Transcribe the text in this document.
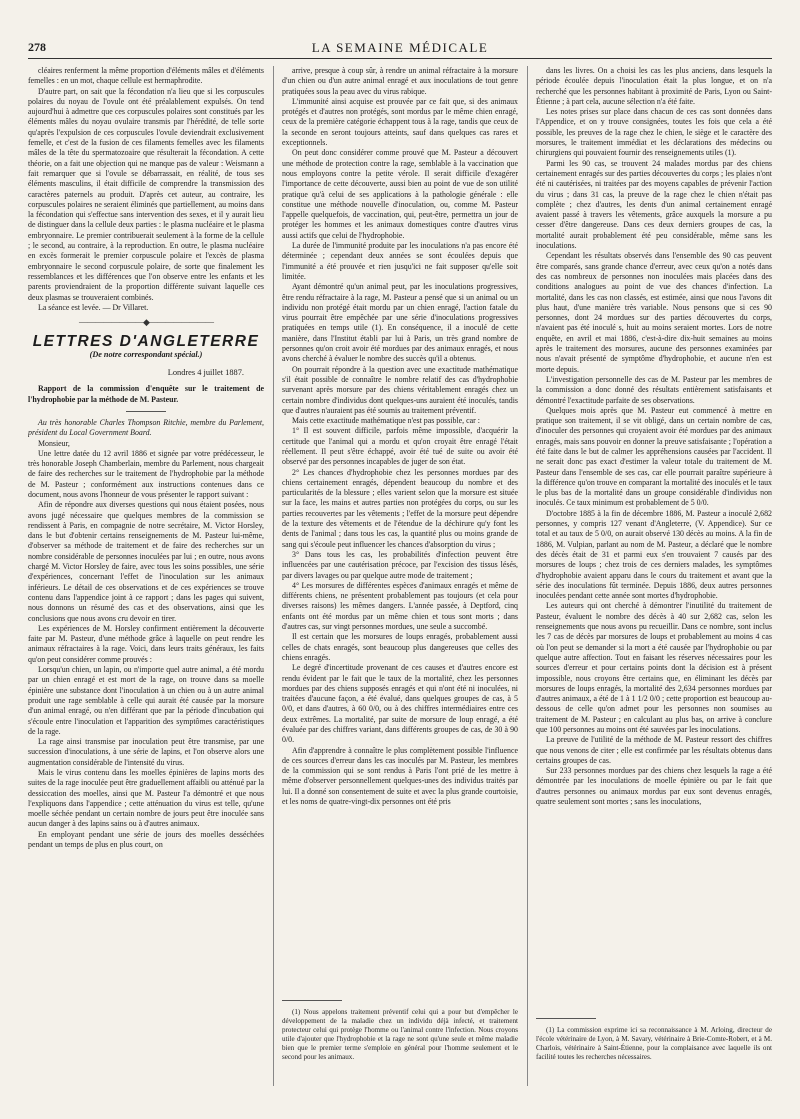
278	LA SEMAINE MÉDICALE

cléaires renferment la même proportion d'éléments mâles et d'éléments femelles : en un mot, chaque cellule est hermaphrodite.

D'autre part, on sait que la fécondation n'a lieu que si les corpuscules polaires du noyau de l'ovule ont été préalablement expulsés. On tend aujourd'hui à admettre que ces corpuscules polaires sont constitués par les éléments mâles du noyau ovulaire transmis par l'hérédité, de telle sorte qu'après l'expulsion de ces corpuscules l'ovule deviendrait exclusivement femelle, et c'est de la fusion de ces filaments femelles avec les filaments mâles de la tête du spermatozoaire que résulterait la fécondation. A cette théorie, on a fait une objection qui ne manque pas de valeur : Weismann a fait remarquer que si l'ovule se débarrassait, en réalité, de tous ses éléments masculins, il était difficile de comprendre la transmission des caractères paternels au produit. D'après cet auteur, au contraire, les corpuscules polaires ne seraient éliminés que partiellement, au moins dans la fécondation qui s'effectue sans intervention des sexes, et il y aurait lieu de distinguer dans la cellule deux parties : le plasma nucléaire et le plasma embryonnaire. Le premier contribuerait seulement à la forme de la cellule ; le second, au contraire, à la reproduction. En outre, le plasma nucléaire en excès formerait le premier corpuscule polaire et l'excès de plasma embryonnaire le second corpuscule polaire, de sorte que finalement les ressemblances et les différences que l'on observe entre les enfants et les parents proviendraient de la proportion différente suivant laquelle ces deux plasmas se trouveraient combinés.

La séance est levée. — Dr Villaret.

————————◆————————
LETTRES D'ANGLETERRE
(De notre correspondant spécial.)
Londres 4 juillet 1887.

Rapport de la commission d'enquête sur le traitement de l'hydrophobie par la méthode de M. Pasteur.

Au très honorable Charles Thompson Ritchie, membre du Parlement, président du Local Government Board.

Monsieur,

Une lettre datée du 12 avril 1886 et signée par votre prédécesseur, le très honorable Joseph Chamberlain, membre du Parlement, nous chargeait de faire des recherches sur le traitement de l'hydrophobie par la méthode de M. Pasteur ; conformément aux instructions contenues dans ce document, nous avons l'honneur de vous présenter le rapport suivant :

Afin de répondre aux diverses questions qui nous étaient posées, nous avons jugé nécessaire que quelques membres de la commission se rendissent à Paris, en compagnie de notre secrétaire, M. Victor Horsley, dans le but d'obtenir certains renseignements de M. Pasteur lui-même, d'observer sa méthode de traitement et de faire des recherches sur un nombre considérable de personnes inoculées par lui ; en outre, nous avons chargé M. Victor Horsley de faire, avec tous les soins possibles, une série d'expériences, concernant l'effet de l'inoculation sur les animaux inférieurs. Le détail de ces observations et de ces expériences se trouve contenu dans l'appendice joint à ce rapport ; dans les pages qui suivent, nous donnons un résumé des cas et des observations, ainsi que les conclusions que nous avons cru devoir en tirer.

Les expériences de M. Horsley confirment entièrement la découverte faite par M. Pasteur, d'une méthode grâce à laquelle on peut rendre les animaux réfractaires à la rage. Voici, dans leurs traits généraux, les faits qu'on peut considérer comme prouvés :

Lorsqu'un chien, un lapin, ou n'importe quel autre animal, a été mordu par un chien enragé et est mort de la rage, on trouve dans sa moelle épinière une substance dont l'inoculation à un chien ou à un autre animal produit une rage semblable à celle qui aurait été causée par la morsure d'un animal enragé, ou n'en différant que par la période d'incubation qui s'écoule entre l'inoculation et l'apparition des symptômes caractéristiques de la rage.

La rage ainsi transmise par inoculation peut être transmise, par une succession d'inoculations, à une série de lapins, et l'on observe alors une augmentation considérable de l'intensité du virus.

Mais le virus contenu dans les moelles épinières de lapins morts des suites de la rage inoculée peut être graduellement affaibli ou atténué par la dessiccation des moelles, ainsi que M. Pasteur l'a démontré et que nous l'expliquons dans l'appendice ; cette atténuation du virus est telle, qu'une moelle séchée pendant un certain nombre de jours peut être inoculée sans aucun danger à des lapins sains ou à d'autres animaux.

En employant pendant une série de jours des moelles desséchées pendant un temps de plus en plus court, on

arrive, presque à coup sûr, à rendre un animal réfractaire à la morsure d'un chien ou d'un autre animal enragé et aux inoculations de tout genre pratiquées sous la peau avec du virus rabique.

L'immunité ainsi acquise est prouvée par ce fait que, si des animaux protégés et d'autres non protégés, sont mordus par le même chien enragé, ceux de la première catégorie échappent tous à la rage, tandis que ceux de la seconde en seront toujours atteints, sauf dans quelques cas rares et exceptionnels.

On peut donc considérer comme prouvé que M. Pasteur a découvert une méthode de protection contre la rage, semblable à la vaccination que nous employons contre la petite vérole. Il serait difficile d'exagérer l'importance de cette découverte, aussi bien au point de vue de son utilité pratique qu'à celui de ses applications à la pathologie générale : elle constitue une méthode nouvelle d'inoculation, ou, comme M. Pasteur l'appelle quelquefois, de vaccination, qui, peut-être, permettra un jour de protéger les hommes et les animaux domestiques contre d'autres virus aussi actifs que celui de l'hydrophobie.

La durée de l'immunité produite par les inoculations n'a pas encore été déterminée ; cependant deux années se sont écoulées depuis que l'immunité a été prouvée et rien jusqu'ici ne fait supposer qu'elle soit limitée.

Ayant démontré qu'un animal peut, par les inoculations progressives, être rendu réfractaire à la rage, M. Pasteur a pensé que si un animal ou un individu non protégé était mordu par un chien enragé, l'action fatale du virus pourrait être empêchée par une série d'inoculations progressives pratiquées en temps utile (1). En conséquence, il a inoculé de cette manière, dans l'Institut établi par lui à Paris, un très grand nombre de personnes qu'on croit avoir été mordues par des animaux enragés, et nous avons cherché à évaluer le nombre des succès qu'il a obtenus.

On pourrait répondre à la question avec une exactitude mathématique s'il était possible de connaître le nombre relatif des cas d'hydrophobie survenant après morsure par des chiens véritablement enragés chez un certain nombre d'individus dont quelques-uns auraient été inoculés, tandis que d'autres n'auraient pas été soumis au traitement préventif.

Mais cette exactitude mathématique n'est pas possible, car :

1° Il est souvent difficile, parfois même impossible, d'acquérir la certitude que l'animal qui a mordu et qu'on croyait être enragé l'était réellement. Il peut s'être échappé, avoir été tué de suite ou avoir été observé par des personnes incapables de juger de son état.

2° Les chances d'hydrophobie chez les personnes mordues par des chiens certainement enragés, dépendent beaucoup du nombre et des particularités de la blessure ; elles varient selon que la morsure est située sur la face, les mains et autres parties non protégées du corps, ou sur les parties recouvertes par les vêtements ; l'effet de la morsure peut dépendre de la texture des vêtements et de l'étendue de la déchirure qu'y font les dents de l'animal ; dans tous les cas, la quantité plus ou moins grande de sang qui s'écoule peut influencer les chances d'absorption du virus ;

3° Dans tous les cas, les probabilités d'infection peuvent être influencées par une cautérisation précoce, par l'excision des tissus lésés, par divers lavages ou par quelque autre mode de traitement ;

4° Les morsures de différentes espèces d'animaux enragés et même de différents chiens, ne présentent probablement pas toujours (et cela pour diverses raisons) les mêmes dangers. L'année passée, à Deptford, cinq enfants ont été mordus par un même chien et tous sont morts ; dans d'autres cas, sur vingt personnes mordues, une seule a succombé.

Il est certain que les morsures de loups enragés, probablement aussi celles de chats enragés, sont beaucoup plus dangereuses que celles des chiens enragés.

Le degré d'incertitude provenant de ces causes et d'autres encore est rendu évident par le fait que le taux de la mortalité, chez les personnes mordues par des chiens supposés enragés et qui n'ont été ni inoculées, ni traitées d'aucune façon, a été évalué, dans quelques groupes de cas, à 5 0/0, et dans d'autres, à 60 0/0, ou à des chiffres intermédiaires entre ces deux extrêmes. La mortalité, par suite de morsure de loup enragé, a été évaluée par des chiffres variant, dans différents groupes de cas, de 30 à 90 0/0.

Afin d'apprendre à connaître le plus complètement possible l'influence de ces sources d'erreur dans les cas inoculés par M. Pasteur, les membres de la commission qui se sont rendus à Paris l'ont prié de les mettre à même d'observer personnellement quelques-unes des individus traités par lui. Il a donné son consentement de suite et avec la plus grande courtoisie, et les noms de quatre-vingt-dix personnes ont été pris

(1) Nous appelons traitement préventif celui qui a pour but d'empêcher le développement de la maladie chez un individu déjà infecté, et traitement protecteur celui qui protège l'homme ou l'animal contre l'infection. Nous croyons utile d'ajouter que l'hydrophobie et la rage ne sont qu'une seule et même maladie bien que le premier terme s'emploie en général pour l'homme seulement et le second pour les animaux.

dans les livres. On a choisi les cas les plus anciens, dans lesquels la période écoulée depuis l'inoculation était la plus longue, et on n'a recherché que les personnes habitant à proximité de Paris, Lyon ou Saint-Étienne ; à part cela, aucune sélection n'a été faite.

Les notes prises sur place dans chacun de ces cas sont données dans l'Appendice, et on y trouve consignées, toutes les fois que cela a été possible, les preuves de la rage chez le chien, le siège et le caractère des morsures, le traitement immédiat et les déclarations des médecins ou chirurgiens qui pouvaient fournir des renseignements utiles (1).

Parmi les 90 cas, se trouvent 24 malades mordus par des chiens certainement enragés sur des parties découvertes du corps ; les plaies n'ont été ni cautérisées, ni traitées par des moyens capables de prévenir l'action du virus ; dans 31 cas, la preuve de la rage chez le chien n'était pas complète ; chez d'autres, les dents d'un animal certainement enragé avaient passé à travers les vêtements, grâce auxquels la morsure a pu cesser d'être dangereuse. Dans ces deux derniers groupes de cas, la mortalité aurait probablement été peu considérable, même sans les inoculations.

Cependant les résultats observés dans l'ensemble des 90 cas peuvent être comparés, sans grande chance d'erreur, avec ceux qu'on a notés dans des cas nombreux de personnes non inoculées mais placées dans des conditions analogues au point de vue des chances d'infection. La mortalité, dans les cas non classés, est estimée, ainsi que nous l'avons dit plus haut, d'une manière très variable. Nous pensons que si ces 90 personnes, dont 24 mordues sur des parties découvertes du corps, n'avaient pas été inoculé s, huit au moins seraient mortes. Lors de notre enquête, en avril et mai 1886, c'est-à-dire dix-huit semaines au moins après le traitement des morsures, aucune des personnes examinées par nous n'avait présenté de symptôme d'hydrophobie, et aucune n'en est morte depuis.

L'investigation personnelle des cas de M. Pasteur par les membres de la commission a donc donné des résultats entièrement satisfaisants et démontré l'exactitude parfaite de ses observations.

Quelques mois après que M. Pasteur eut commencé à mettre en pratique son traitement, il se vit obligé, dans un certain nombre de cas, d'inoculer des personnes qui croyaient avoir été mordues par des animaux enragés, mais sans pouvoir en donner la preuve satisfaisante ; l'opération a été faite dans le but de calmer les appréhensions causées par l'accident. Il ne serait donc pas exact d'estimer la valeur totale du traitement de M. Pasteur dans l'ensemble de ses cas, car elle pourrait paraître supérieure à la différence qu'on trouve en comparant la mortalité des inoculés et le taux le plus bas de la mortalité dans un groupe considérable d'individus non inoculés. Ce taux minimum est probablement de 5 0/0.

D'octobre 1885 à la fin de décembre 1886, M. Pasteur a inoculé 2,682 personnes, y compris 127 venant d'Angleterre, (V. Appendice). Sur ce total et au taux de 5 0/0, on aurait observé 130 décès au moins. A la fin de 1886, M. Vulpian, parlant au nom de M. Pasteur, a déclaré que le nombre des décès était de 31 et parmi eux s'en trouvaient 7 causés par des morsures de loups ; chez trois de ces derniers malades, les symptômes d'hydrophobie avaient apparu dans le cours du traitement et avant que la série des inoculations fût terminée. Depuis 1886, deux autres personnes inoculées pendant cette année sont mortes d'hydrophobie.

Les auteurs qui ont cherché à démontrer l'inutilité du traitement de Pasteur, évaluent le nombre des décès à 40 sur 2,682 cas, selon les renseignements que nous avons pu recueillir. Dans ce nombre, sont inclus les 7 cas de décès par morsures de loups et probablement au moins 4 cas où l'on peut se demander si la mort a été causée par l'hydrophobie ou par quelque autre affection. Tout en faisant les réserves nécessaires pour les sources d'erreur et pour certains points dont la décision est à présent impossible, nous croyons être certains que, en éliminant les décès par morsures de loups enragés, la mortalité des 2,634 personnes mordues par d'autres animaux, a été de 1 à 1 1/2 0/0 ; cette proportion est beaucoup au-dessous de celle qu'on admet pour les personnes non soumises au traitement de M. Pasteur ; en calculant au plus bas, on arrive à conclure que 100 personnes au moins ont été sauvées par les inoculations.

La preuve de l'utilité de la méthode de M. Pasteur ressort des chiffres que nous venons de citer ; elle est confirmée par les résultats obtenus dans certains groupes de cas.

Sur 233 personnes mordues par des chiens chez lesquels la rage a été démontrée par les inoculations de moelle épinière ou par le fait que d'autres personnes ou animaux mordus par eux sont devenus enragés, quatre seulement sont mortes ; sans les inoculations,

(1) La commission exprime ici sa reconnaissance à M. Arloing, directeur de l'école vétérinaire de Lyon, à M. Savary, vétérinaire à Brie-Comte-Robert, et à M. Charlois, vétérinaire à Saint-Étienne, pour la complaisance avec laquelle ils ont facilité toutes les recherches nécessaires.
